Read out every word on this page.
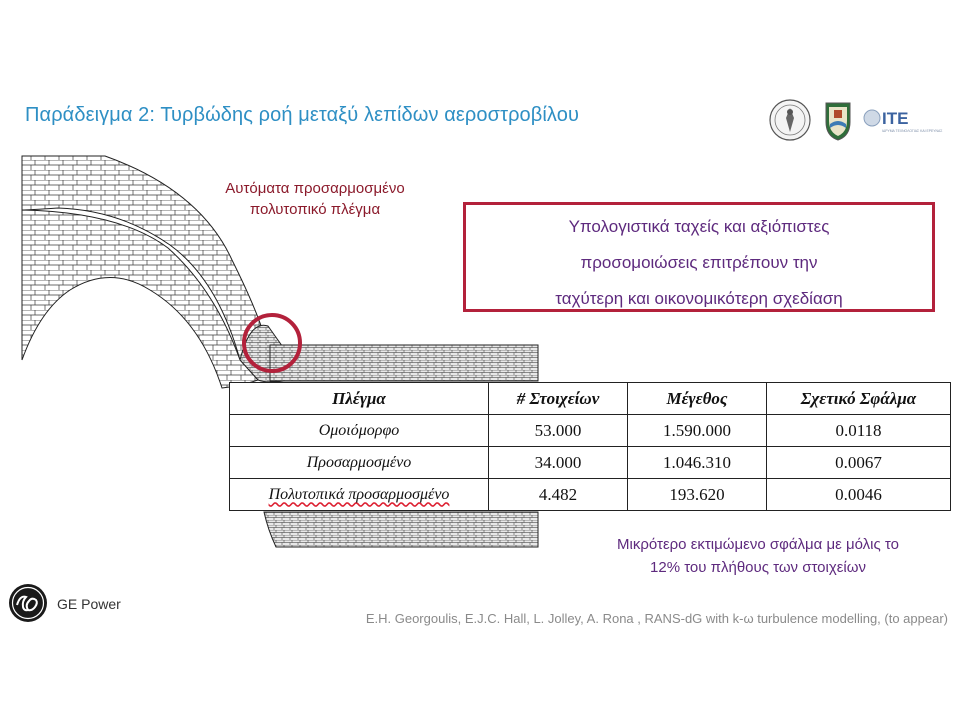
Παράδειγμα 2: Τυρβώδης ροή μεταξύ λεπίδων αεροστροβίλου	ITE
ΙΔΡΥΜΑ ΤΕΧΝΟΛΟΓΙΑΣ ΚΑΙ ΕΡΕΥΝΑΣ
Αυτόματα προσαρμοσμένο
πολυτοπικό πλέγμα
Υπολογιστικά ταχείς και αξιόπιστες
προσομοιώσεις επιτρέπουν την
ταχύτερη και οικονομικότερη σχεδίαση
Πλέγμα	# Στοιχείων	Μέγεθος	Σχετικό Σφάλμα
Ομοιόμορφο	53.000	1.590.000	0.0118
Προσαρμοσμένο	34.000	1.046.310	0.0067
Πολυτοπικά προσαρμοσμένο	4.482	193.620	0.0046
Μικρότερο εκτιμώμενο σφάλμα με μόλις το
12% του πλήθους των στοιχείων
GE Power
E.H. Georgoulis, E.J.C. Hall, L. Jolley, A. Rona , RANS-dG with k-ω turbulence modelling, (to appear)
